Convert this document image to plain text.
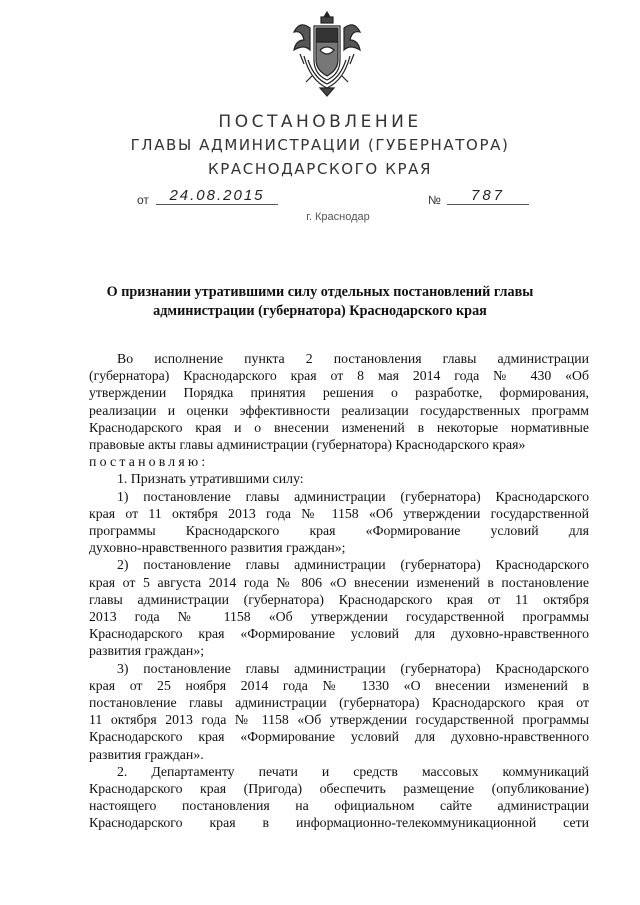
ПОСТАНОВЛЕНИЕ
ГЛАВЫ АДМИНИСТРАЦИИ (ГУБЕРНАТОРА)
КРАСНОДАРСКОГО КРАЯ
от	24.08.2015	№	787
г. Краснодар
О признании утратившими силу отдельных постановлений главы
администрации (губернатора) Краснодарского края

Во исполнение пункта 2 постановления главы администрации

(губернатора) Краснодарского края от 8 мая 2014 года № 430 «Об

утверждении Порядка принятия решения о разработке, формирования,

реализации и оценки эффективности реализации государственных программ

Краснодарского края и о внесении изменений в некоторые нормативные

правовые акты главы администрации (губернатора) Краснодарского края»

постановляю:

1. Признать утратившими силу:

1) постановление главы администрации (губернатора) Краснодарского

края от 11 октября 2013 года № 1158 «Об утверждении государственной

программы Краснодарского края «Формирование условий для

духовно-нравственного развития граждан»;

2) постановление главы администрации (губернатора) Краснодарского

края от 5 августа 2014 года № 806 «О внесении изменений в постановление

главы администрации (губернатора) Краснодарского края от 11 октября

2013 года № 1158 «Об утверждении государственной программы

Краснодарского края «Формирование условий для духовно-нравственного

развития граждан»;

3) постановление главы администрации (губернатора) Краснодарского

края от 25 ноября 2014 года № 1330 «О внесении изменений в

постановление главы администрации (губернатора) Краснодарского края от

11 октября 2013 года № 1158 «Об утверждении государственной программы

Краснодарского края «Формирование условий для духовно-нравственного

развития граждан».

2. Департаменту печати и средств массовых коммуникаций

Краснодарского края (Пригода) обеспечить размещение (опубликование)

настоящего постановления на официальном сайте администрации

Краснодарского края в информационно-телекоммуникационной сети
